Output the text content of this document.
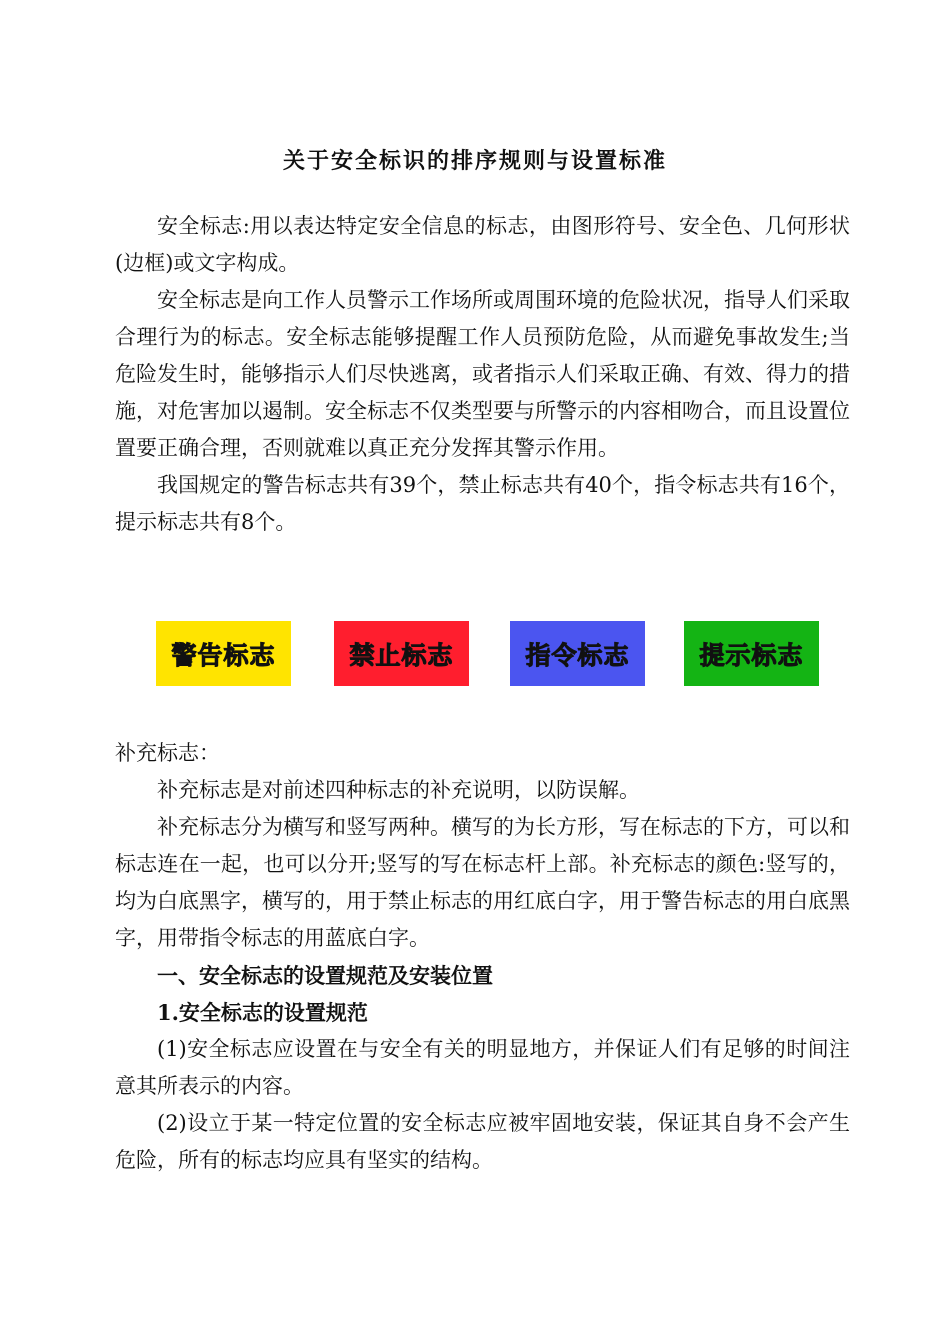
关于安全标识的排序规则与设置标准

安全标志:用以表达特定安全信息的标志，由图形符号、安全色、几何形状(边框)或文字构成。

安全标志是向工作人员警示工作场所或周围环境的危险状况，指导人们采取合理行为的标志。安全标志能够提醒工作人员预防危险，从而避免事故发生;当危险发生时，能够指示人们尽快逃离，或者指示人们采取正确、有效、得力的措施，对危害加以遏制。安全标志不仅类型要与所警示的内容相吻合，而且设置位置要正确合理，否则就难以真正充分发挥其警示作用。

我国规定的警告标志共有39个，禁止标志共有40个，指令标志共有16个，提示标志共有8个。

警告标志	禁止标志	指令标志	提示标志

补充标志：

补充标志是对前述四种标志的补充说明，以防误解。

补充标志分为横写和竖写两种。横写的为长方形，写在标志的下方，可以和标志连在一起，也可以分开;竖写的写在标志杆上部。补充标志的颜色:竖写的，均为白底黑字，横写的，用于禁止标志的用红底白字，用于警告标志的用白底黑字，用带指令标志的用蓝底白字。

一、安全标志的设置规范及安装位置

1.安全标志的设置规范

(1)安全标志应设置在与安全有关的明显地方，并保证人们有足够的时间注意其所表示的内容。

(2)设立于某一特定位置的安全标志应被牢固地安装，保证其自身不会产生危险，所有的标志均应具有坚实的结构。
